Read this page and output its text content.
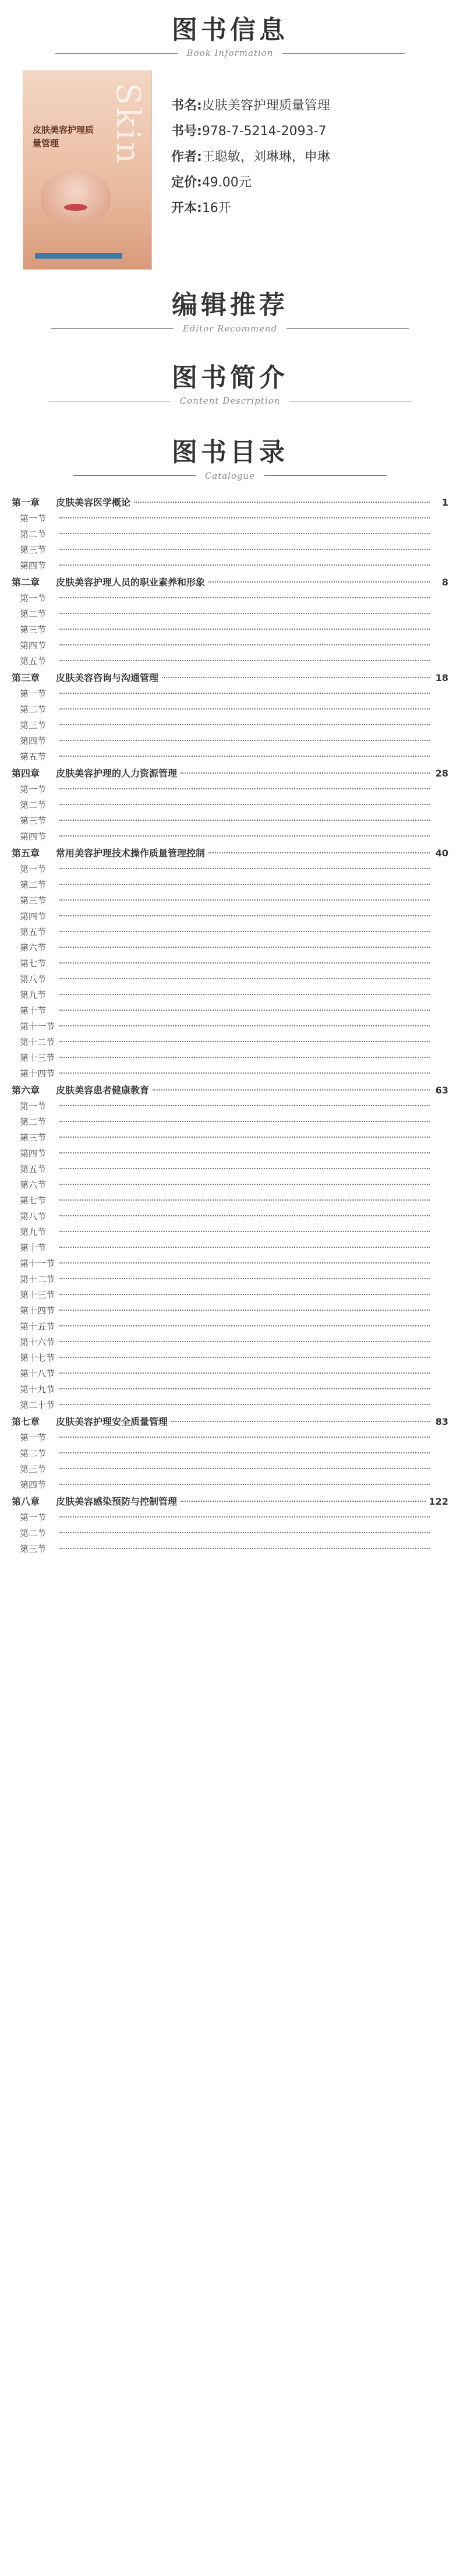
图书信息
Book Information
Skin
皮肤美容护理质量管理
书名:皮肤美容护理质量管理
书号:978-7-5214-2093-7
作者:王聪敏，刘琳琳，申琳
定价:49.00元
开本:16开
编辑推荐
Editor Recommend

图书简介
Content Description

图书目录
Catalogue
第一章	皮肤美容医学概论	1
第一节
第二节
第三节
第四节
第二章	皮肤美容护理人员的职业素养和形象	8
第一节
第二节
第三节
第四节
第五节
第三章	皮肤美容咨询与沟通管理	18
第一节
第二节
第三节
第四节
第五节
第四章	皮肤美容护理的人力资源管理	28
第一节
第二节
第三节
第四节
第五章	常用美容护理技术操作质量管理控制	40
第一节
第二节
第三节
第四节
第五节
第六节
第七节
第八节
第九节
第十节
第十一节
第十二节
第十三节
第十四节
第六章	皮肤美容患者健康教育	63
第一节
第二节
第三节
第四节
第五节
第六节
第七节
第八节
第九节
第十节
第十一节
第十二节
第十三节
第十四节
第十五节
第十六节
第十七节
第十八节
第十九节
第二十节
第七章	皮肤美容护理安全质量管理	83
第一节
第二节
第三节
第四节
第八章	皮肤美容感染预防与控制管理	122
第一节
第二节
第三节
